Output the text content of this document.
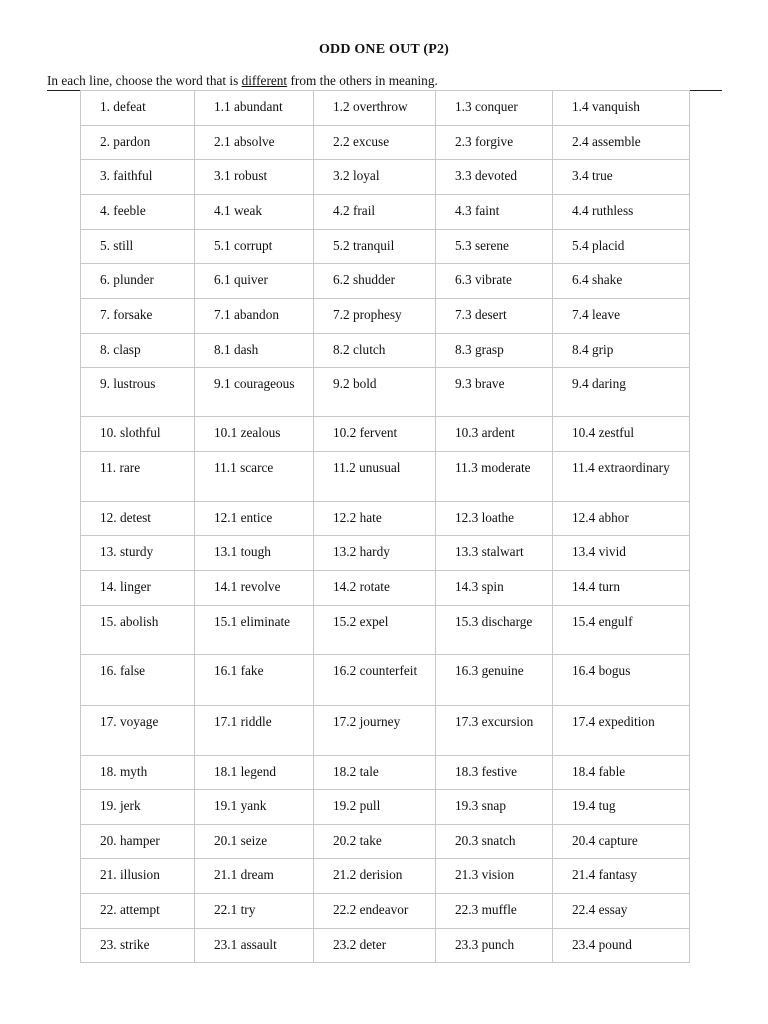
ODD ONE OUT (P2)
In each line, choose the word that is different from the others in meaning.
1. defeat	1.1 abundant	1.2 overthrow	1.3 conquer	1.4 vanquish
2. pardon	2.1 absolve	2.2 excuse	2.3 forgive	2.4 assemble
3. faithful	3.1 robust	3.2 loyal	3.3 devoted	3.4 true
4. feeble	4.1 weak	4.2 frail	4.3 faint	4.4 ruthless
5. still	5.1 corrupt	5.2 tranquil	5.3 serene	5.4 placid
6. plunder	6.1 quiver	6.2 shudder	6.3 vibrate	6.4 shake
7. forsake	7.1 abandon	7.2 prophesy	7.3 desert	7.4 leave
8. clasp	8.1 dash	8.2 clutch	8.3 grasp	8.4 grip
9. lustrous	9.1 courageous	9.2 bold	9.3 brave	9.4 daring
10. slothful	10.1 zealous	10.2 fervent	10.3 ardent	10.4 zestful
11. rare	11.1 scarce	11.2 unusual	11.3 moderate	11.4 extraordinary
12. detest	12.1 entice	12.2 hate	12.3 loathe	12.4 abhor
13. sturdy	13.1 tough	13.2 hardy	13.3 stalwart	13.4 vivid
14. linger	14.1 revolve	14.2 rotate	14.3 spin	14.4 turn
15. abolish	15.1 eliminate	15.2 expel	15.3 discharge	15.4 engulf
16. false	16.1 fake	16.2 counterfeit	16.3 genuine	16.4 bogus
17. voyage	17.1 riddle	17.2 journey	17.3 excursion	17.4 expedition
18. myth	18.1 legend	18.2 tale	18.3 festive	18.4 fable
19. jerk	19.1 yank	19.2 pull	19.3 snap	19.4 tug
20. hamper	20.1 seize	20.2 take	20.3 snatch	20.4 capture
21. illusion	21.1 dream	21.2 derision	21.3 vision	21.4 fantasy
22. attempt	22.1 try	22.2 endeavor	22.3 muffle	22.4 essay
23. strike	23.1 assault	23.2 deter	23.3 punch	23.4 pound
